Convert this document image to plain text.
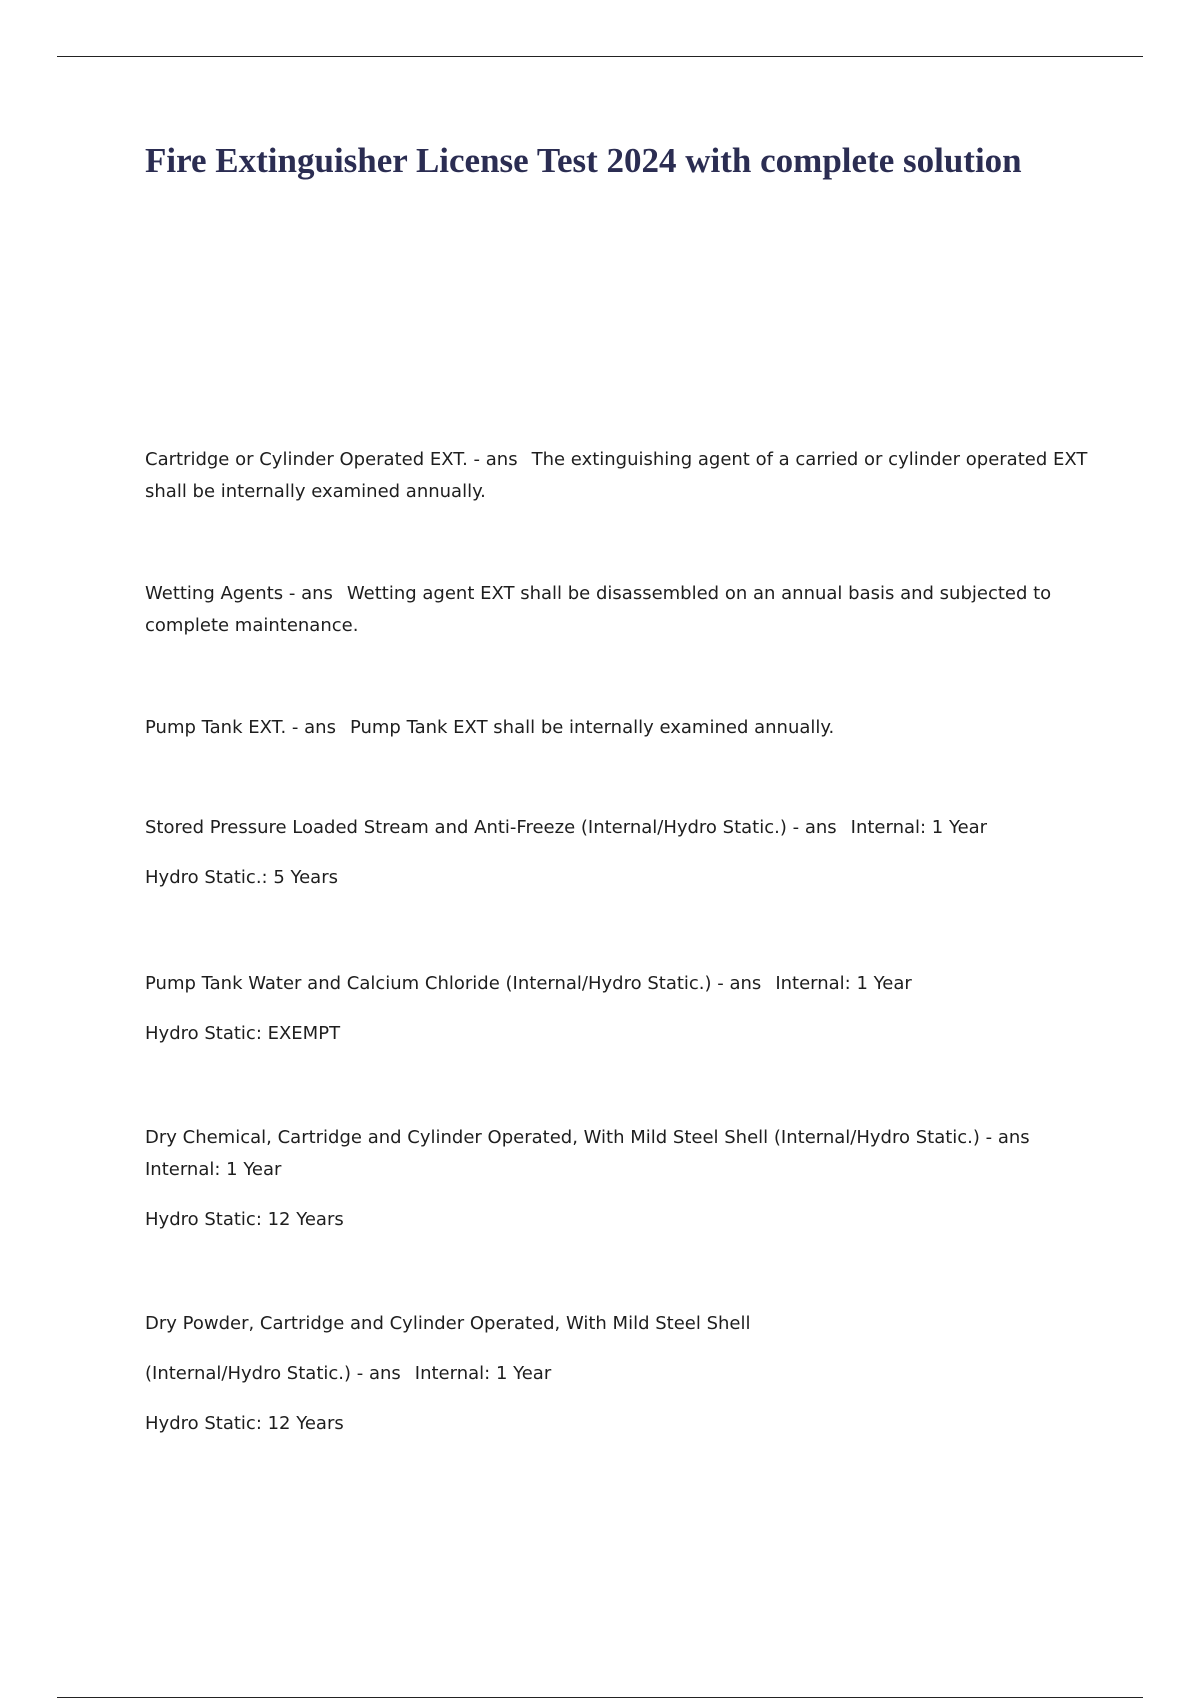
Fire Extinguisher License Test 2024 with complete solution

Cartridge or Cylinder Operated EXT. - ans The extinguishing agent of a carried or cylinder operated EXT shall be internally examined annually.

Wetting Agents - ans Wetting agent EXT shall be disassembled on an annual basis and subjected to complete maintenance.

Pump Tank EXT. - ans Pump Tank EXT shall be internally examined annually.

Stored Pressure Loaded Stream and Anti-Freeze (Internal/Hydro Static.) - ans Internal: 1 Year

Hydro Static.: 5 Years

Pump Tank Water and Calcium Chloride (Internal/Hydro Static.) - ans Internal: 1 Year

Hydro Static: EXEMPT

Dry Chemical, Cartridge and Cylinder Operated, With Mild Steel Shell (Internal/Hydro Static.) - ansInternal: 1 Year

Hydro Static: 12 Years

Dry Powder, Cartridge and Cylinder Operated, With Mild Steel Shell

(Internal/Hydro Static.) - ans Internal: 1 Year

Hydro Static: 12 Years
